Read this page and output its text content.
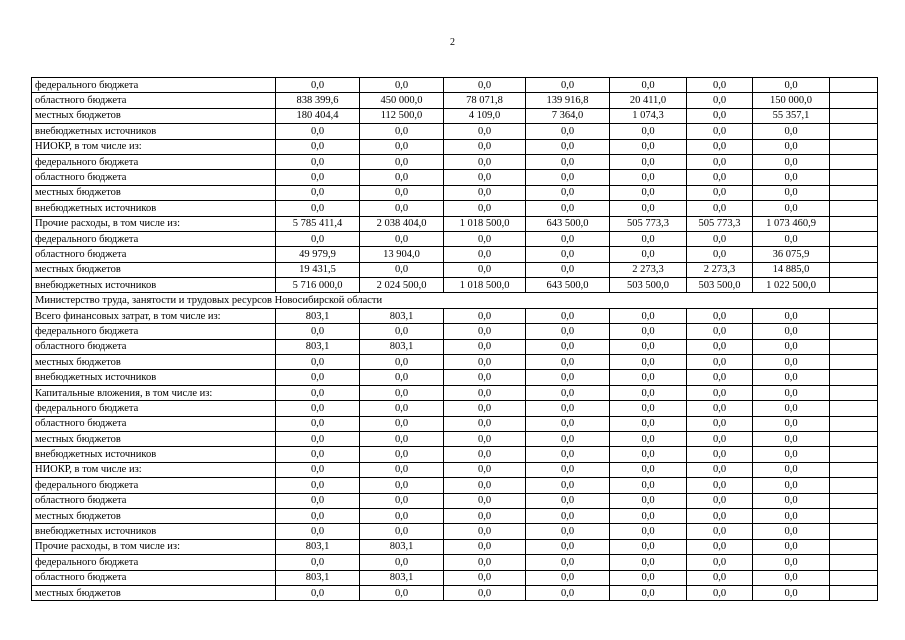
2
федерального бюджета	0,0	0,0	0,0	0,0	0,0	0,0	0,0	
областного бюджета	838 399,6	450 000,0	78 071,8	139 916,8	20 411,0	0,0	150 000,0	
местных бюджетов	180 404,4	112 500,0	4 109,0	7 364,0	1 074,3	0,0	55 357,1	
внебюджетных источников	0,0	0,0	0,0	0,0	0,0	0,0	0,0	
НИОКР, в том числе из:	0,0	0,0	0,0	0,0	0,0	0,0	0,0	
федерального бюджета	0,0	0,0	0,0	0,0	0,0	0,0	0,0	
областного бюджета	0,0	0,0	0,0	0,0	0,0	0,0	0,0	
местных бюджетов	0,0	0,0	0,0	0,0	0,0	0,0	0,0	
внебюджетных источников	0,0	0,0	0,0	0,0	0,0	0,0	0,0	
Прочие расходы, в том числе из:	5 785 411,4	2 038 404,0	1 018 500,0	643 500,0	505 773,3	505 773,3	1 073 460,9	
федерального бюджета	0,0	0,0	0,0	0,0	0,0	0,0	0,0	
областного бюджета	49 979,9	13 904,0	0,0	0,0	0,0	0,0	36 075,9	
местных бюджетов	19 431,5	0,0	0,0	0,0	2 273,3	2 273,3	14 885,0	
внебюджетных источников	5 716 000,0	2 024 500,0	1 018 500,0	643 500,0	503 500,0	503 500,0	1 022 500,0	
Министерство труда, занятости и трудовых ресурсов Новосибирской области								
Всего финансовых затрат, в том числе из:	803,1	803,1	0,0	0,0	0,0	0,0	0,0	
федерального бюджета	0,0	0,0	0,0	0,0	0,0	0,0	0,0	
областного бюджета	803,1	803,1	0,0	0,0	0,0	0,0	0,0	
местных бюджетов	0,0	0,0	0,0	0,0	0,0	0,0	0,0	
внебюджетных источников	0,0	0,0	0,0	0,0	0,0	0,0	0,0	
Капитальные вложения, в том числе из:	0,0	0,0	0,0	0,0	0,0	0,0	0,0	
федерального бюджета	0,0	0,0	0,0	0,0	0,0	0,0	0,0	
областного бюджета	0,0	0,0	0,0	0,0	0,0	0,0	0,0	
местных бюджетов	0,0	0,0	0,0	0,0	0,0	0,0	0,0	
внебюджетных источников	0,0	0,0	0,0	0,0	0,0	0,0	0,0	
НИОКР, в том числе из:	0,0	0,0	0,0	0,0	0,0	0,0	0,0	
федерального бюджета	0,0	0,0	0,0	0,0	0,0	0,0	0,0	
областного бюджета	0,0	0,0	0,0	0,0	0,0	0,0	0,0	
местных бюджетов	0,0	0,0	0,0	0,0	0,0	0,0	0,0	
внебюджетных источников	0,0	0,0	0,0	0,0	0,0	0,0	0,0	
Прочие расходы, в том числе из:	803,1	803,1	0,0	0,0	0,0	0,0	0,0	
федерального бюджета	0,0	0,0	0,0	0,0	0,0	0,0	0,0	
областного бюджета	803,1	803,1	0,0	0,0	0,0	0,0	0,0	
местных бюджетов	0,0	0,0	0,0	0,0	0,0	0,0	0,0	
